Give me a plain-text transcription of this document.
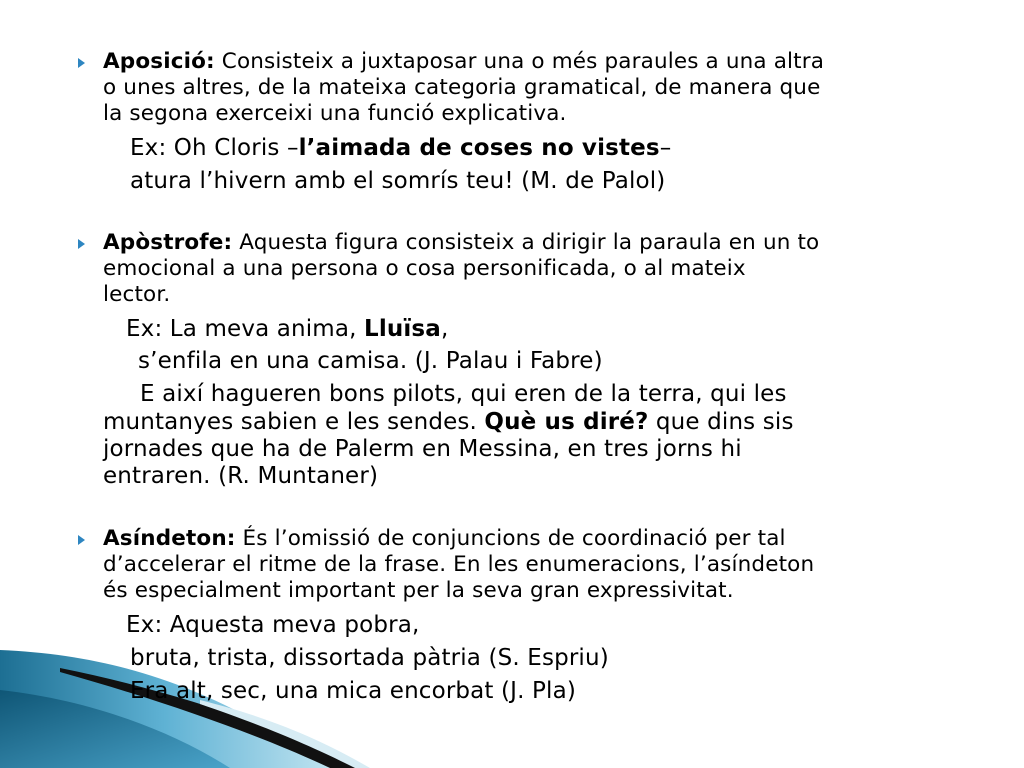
Aposició: Consisteix a juxtaposar una o més paraules a una altra
o unes altres, de la mateixa categoria gramatical, de manera que
la segona exerceixi una funció explicativa.
Ex: Oh Cloris –l’aimada de coses no vistes–
atura l’hivern amb el somrís teu! (M. de Palol)
Apòstrofe: Aquesta figura consisteix a dirigir la paraula en un to
emocional a una persona o cosa personificada, o al mateix
lector.
Ex: La meva anima, Lluïsa,
s’enfila en una camisa. (J. Palau i Fabre)
E així hagueren bons pilots, qui eren de la terra, qui les
muntanyes sabien e les sendes. Què us diré? que dins sis
jornades que ha de Palerm en Messina, en tres jorns hi
entraren. (R. Muntaner)
Asíndeton: És l’omissió de conjuncions de coordinació per tal
d’accelerar el ritme de la frase. En les enumeracions, l’asíndeton
és especialment important per la seva gran expressivitat.
Ex: Aquesta meva pobra,
bruta, trista, dissortada pàtria (S. Espriu)
Era alt, sec, una mica encorbat (J. Pla)
